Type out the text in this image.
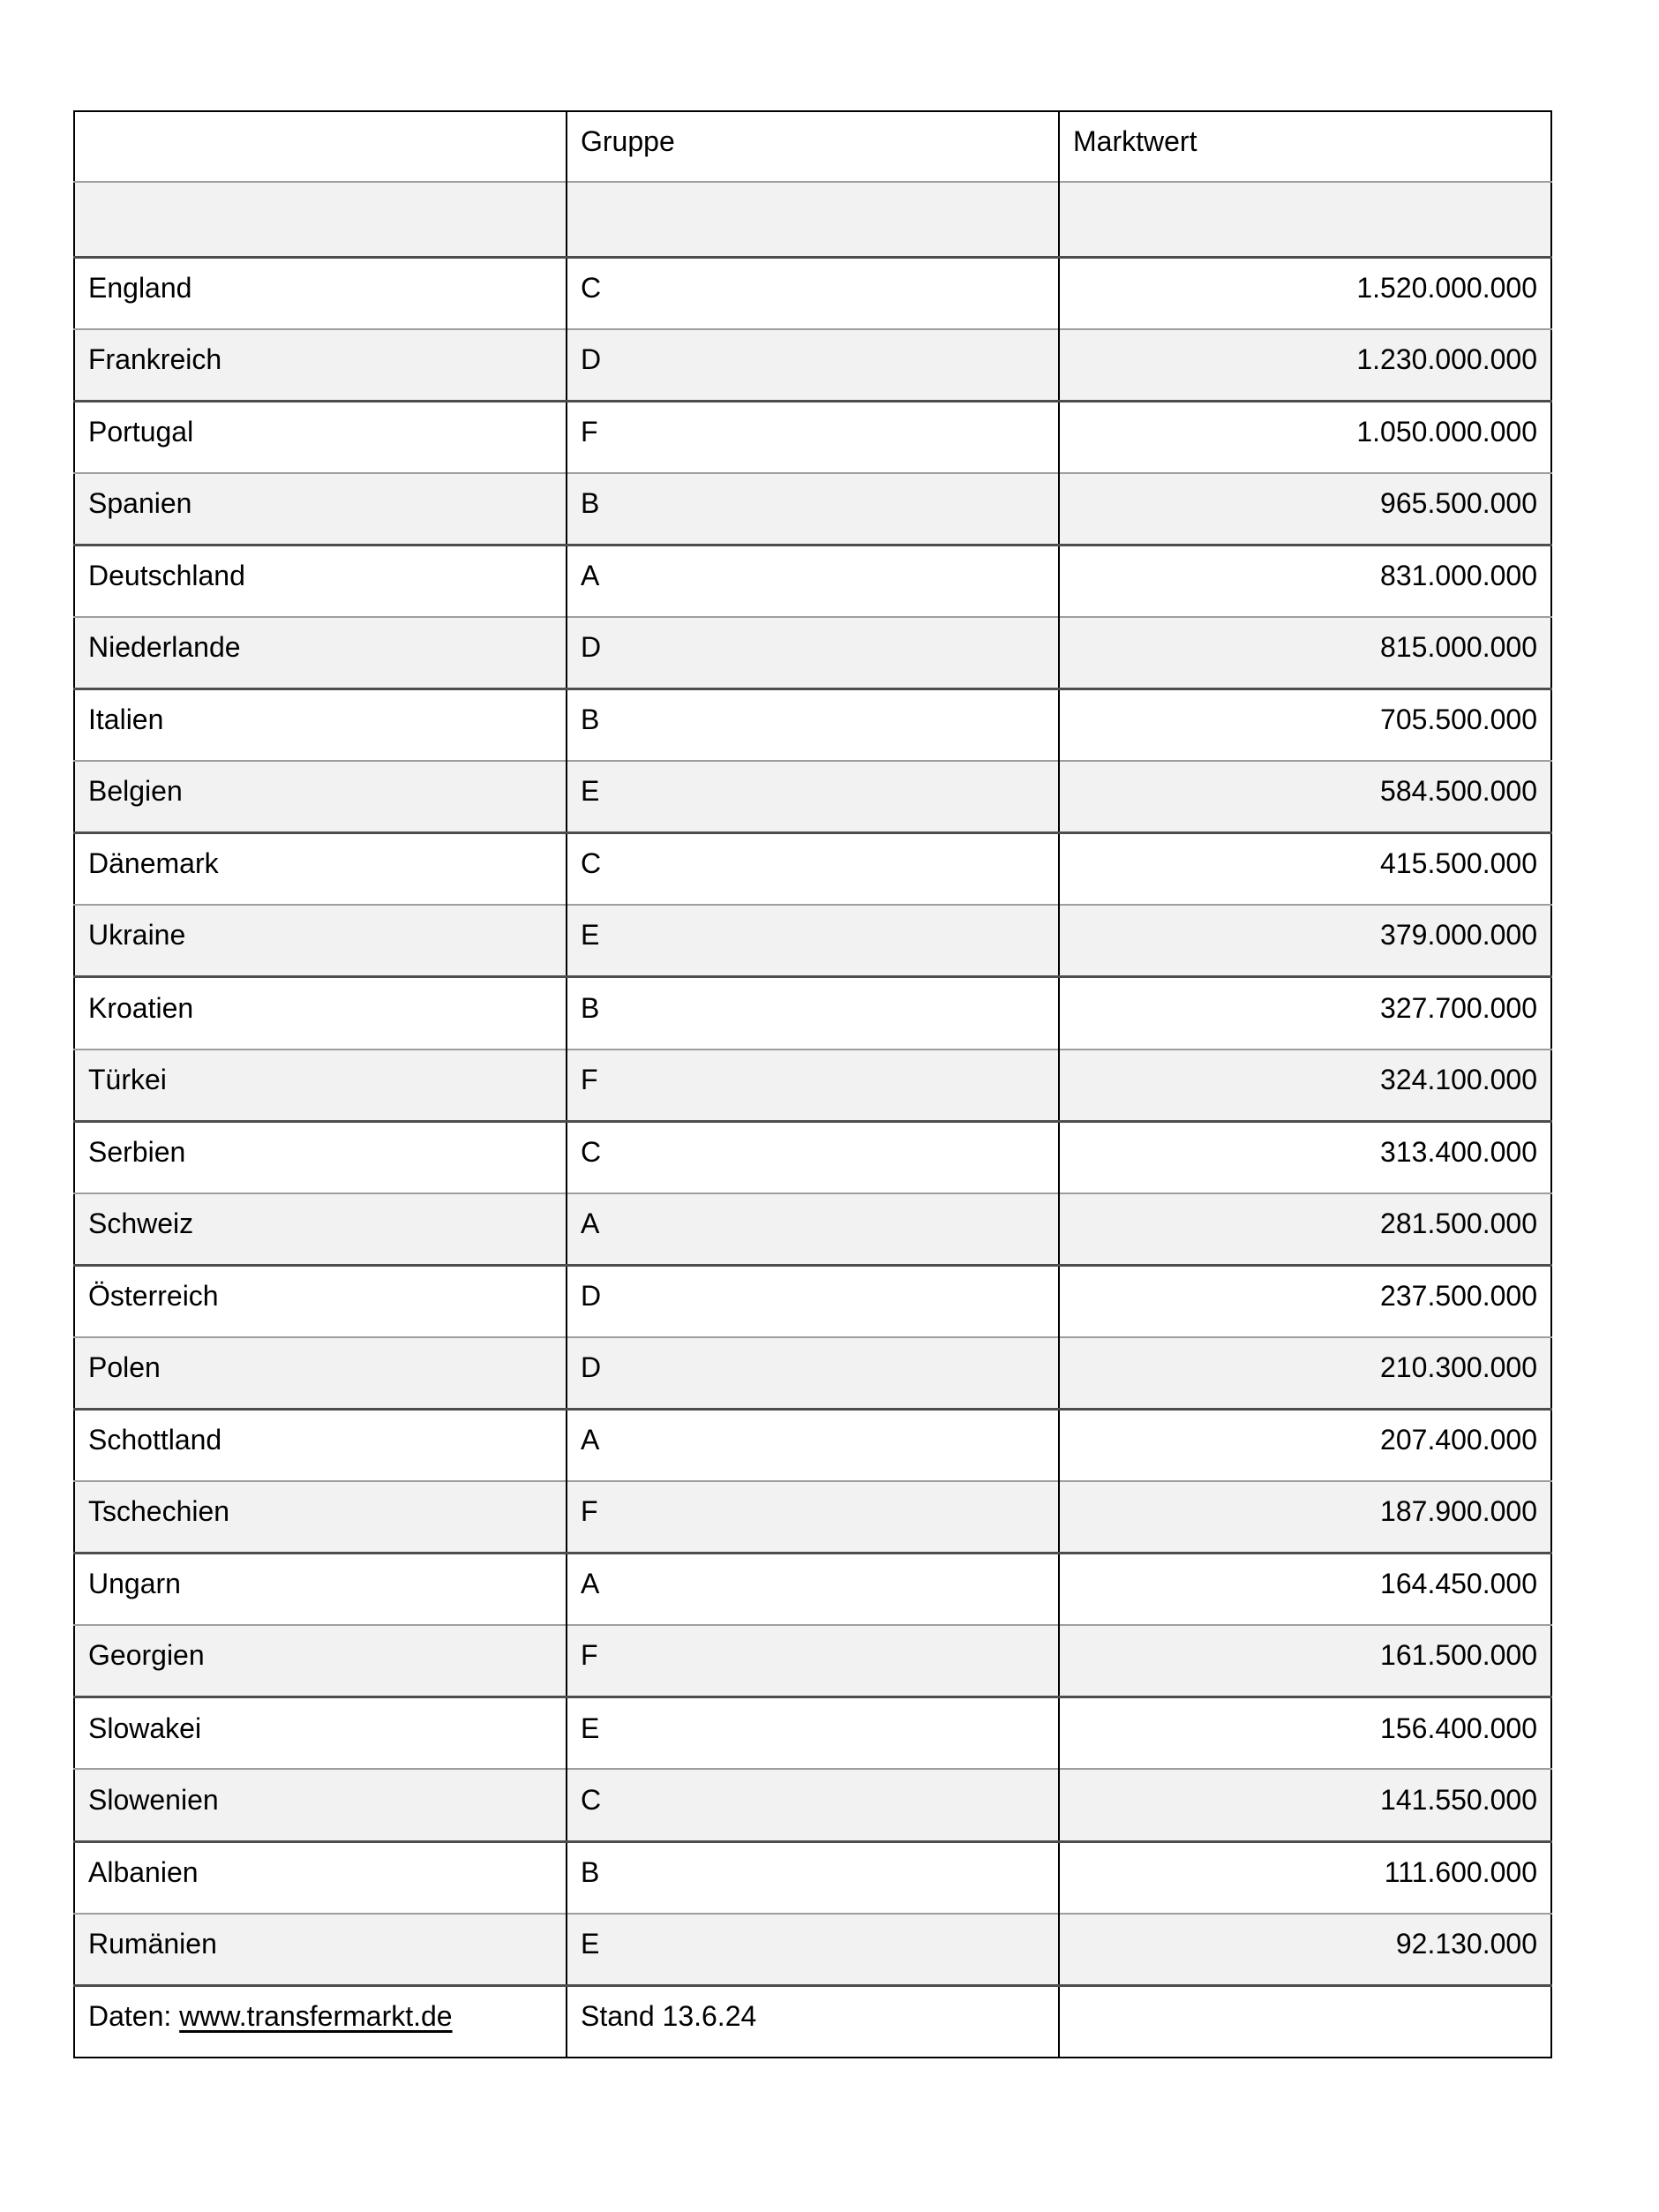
	Gruppe	Marktwert

England	C	1.520.000.000
Frankreich	D	1.230.000.000
Portugal	F	1.050.000.000
Spanien	B	965.500.000
Deutschland	A	831.000.000
Niederlande	D	815.000.000
Italien	B	705.500.000
Belgien	E	584.500.000
Dänemark	C	415.500.000
Ukraine	E	379.000.000
Kroatien	B	327.700.000
Türkei	F	324.100.000
Serbien	C	313.400.000
Schweiz	A	281.500.000
Österreich	D	237.500.000
Polen	D	210.300.000
Schottland	A	207.400.000
Tschechien	F	187.900.000
Ungarn	A	164.450.000
Georgien	F	161.500.000
Slowakei	E	156.400.000
Slowenien	C	141.550.000
Albanien	B	111.600.000
Rumänien	E	92.130.000
Daten: www.transfermarkt.de	Stand 13.6.24	
